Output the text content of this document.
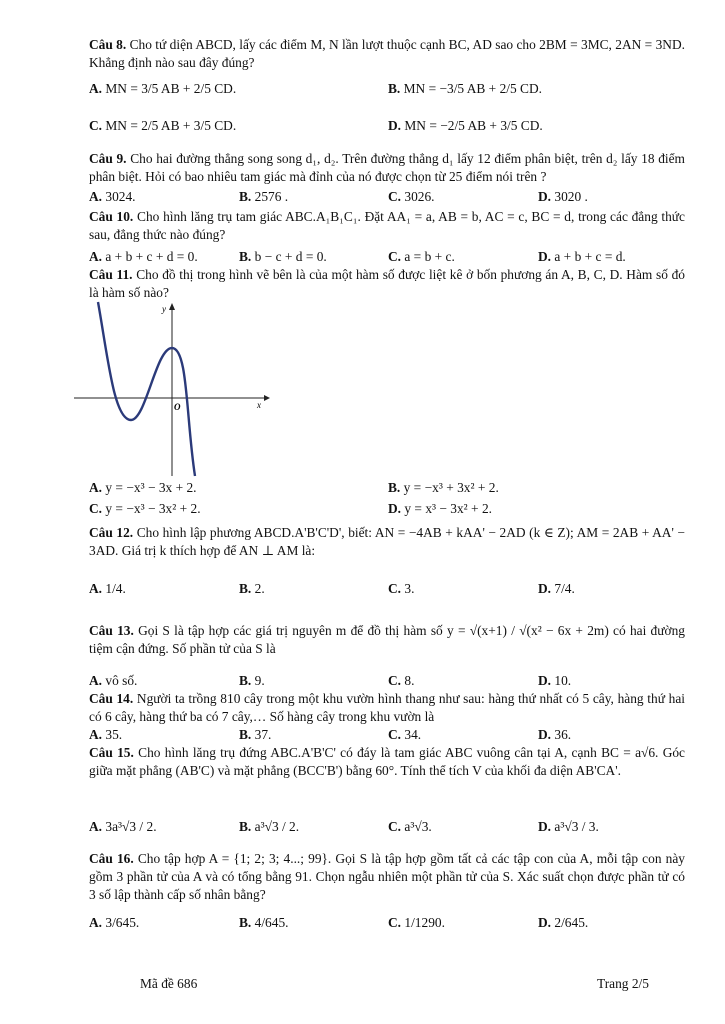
Câu 8. Cho tứ diện ABCD, lấy các điểm M, N lần lượt thuộc cạnh BC, AD sao cho 2BM = 3MC, 2AN = 3ND. Khẳng định nào sau đây đúng?
A. MN = 3/5 AB + 2/5 CD.	B. MN = −3/5 AB + 2/5 CD.
C. MN = 2/5 AB + 3/5 CD.	D. MN = −2/5 AB + 3/5 CD.
Câu 9. Cho hai đường thẳng song song d₁, d₂. Trên đường thẳng d₁ lấy 12 điểm phân biệt, trên d₂ lấy 18 điểm phân biệt. Hỏi có bao nhiêu tam giác mà đỉnh của nó được chọn từ 25 điểm nói trên ?
A. 3024.	B. 2576 .	C. 3026.	D. 3020 .
Câu 10. Cho hình lăng trụ tam giác ABC.A₁B₁C₁. Đặt AA₁ = a, AB = b, AC = c, BC = d, trong các đẳng thức sau, đẳng thức nào đúng?
A. a + b + c + d = 0.	B. b − c + d = 0.	C. a = b + c.	D. a + b + c = d.
Câu 11. Cho đồ thị trong hình vẽ bên là của một hàm số được liệt kê ở bốn phương án A, B, C, D. Hàm số đó là hàm số nào?
y
x
O
A. y = −x³ − 3x + 2.	B. y = −x³ + 3x² + 2.
C. y = −x³ − 3x² + 2.	D. y = x³ − 3x² + 2.
Câu 12. Cho hình lập phương ABCD.A'B'C'D', biết: AN = −4AB + kAA' − 2AD (k ∈ Z); AM = 2AB + AA' − 3AD. Giá trị k thích hợp để AN ⊥ AM là:
A. 1/4.	B. 2.	C. 3.	D. 7/4.
Câu 13. Gọi S là tập hợp các giá trị nguyên m để đồ thị hàm số y = √(x+1) / √(x² − 6x + 2m) có hai đường tiệm cận đứng. Số phần tử của S là
A. vô số.	B. 9.	C. 8.	D. 10.
Câu 14. Người ta trồng 810 cây trong một khu vườn hình thang như sau: hàng thứ nhất có 5 cây, hàng thứ hai có 6 cây, hàng thứ ba có 7 cây,… Số hàng cây trong khu vườn là
A. 35.	B. 37.	C. 34.	D. 36.
Câu 15. Cho hình lăng trụ đứng ABC.A'B'C' có đáy là tam giác ABC vuông cân tại A, cạnh BC = a√6. Góc giữa mặt phẳng (AB'C) và mặt phẳng (BCC'B') bằng 60°. Tính thể tích V của khối đa diện AB'CA'.
A. 3a³√3 / 2.	B. a³√3 / 2.	C. a³√3.	D. a³√3 / 3.
Câu 16. Cho tập hợp A = {1; 2; 3; 4...; 99}. Gọi S là tập hợp gồm tất cả các tập con của A, mỗi tập con này gồm 3 phần tử của A và có tổng bằng 91. Chọn ngẫu nhiên một phần tử của S. Xác suất chọn được phần tử có 3 số lập thành cấp số nhân bằng?
A. 3/645.	B. 4/645.	C. 1/1290.	D. 2/645.
Mã đề 686	Trang 2/5
